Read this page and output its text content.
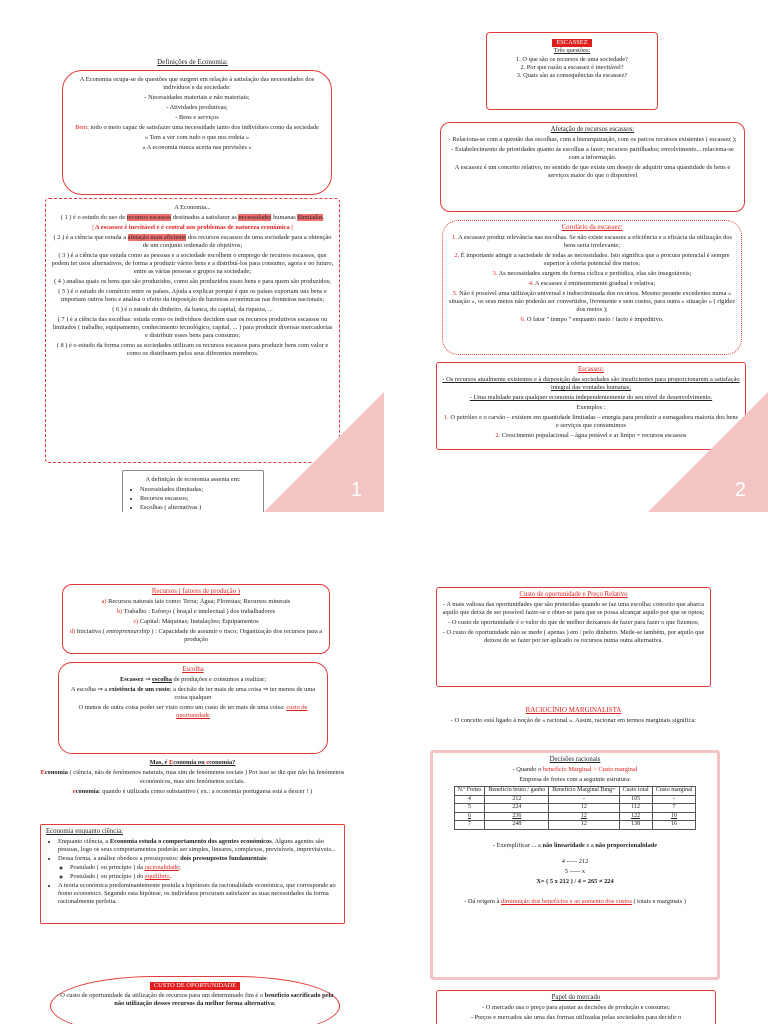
Definições de Economia:

A Economia ocupa-se de questões que surgem em relação à satisfação das necessidades dos indivíduos e da sociedade:

- Necessidades materiais e não materiais;

- Atividades produtivas;

- Bens e serviços

Bem: todo o meio capaz de satisfazer uma necessidade tanto dos indivíduos como da sociedade

« Tem a ver com tudo o que nos rodeia »

« A economia nunca acerta nas previsões »

A Economia...

( 1 ) é o estudo do uso de recursos escassos destinados a satisfazer as necessidades humanas ilimitadas.

| A escassez é inevitável e é central nos problemas de natureza económica |

( 2 ) é a ciência que estuda a afetação mais eficiente dos recursos escassos de uma sociedade para a obtenção de um conjunto ordenado de objetivos;

( 3 ) é a ciência que estuda como as pessoas e a sociedade escolhem o emprego de recursos escassos, que podem ter usos alternativos, de forma a produzir vários bens e a distribuí-los para consumo, agora e no futuro, entre as várias pessoas e grupos na sociedade;

( 4 ) analisa quais os bens que são produzidos, como são produzidos esses bens e para quem são produzidos;

( 5 ) é o estudo do comércio entre os países. Ajuda a explicar porque é que os países exportam uns bens e importam outros bens e analisa o efeito da imposição de barreiras económicas nas fronteiras nacionais;

( 6 ) é o estudo do dinheiro, da banca, do capital, da riqueza, ...

( 7 ) é a ciência das escolhas: estuda como os indivíduos decidem usar os recursos produtivos escassos ou limitados ( trabalho, equipamento, conhecimento tecnológico, capital, ... ) para produzir diversas mercadorias e distribuir esses bens para consumo;

( 8 ) é o estudo da forma como as sociedades utilizam os recursos escassos para produzir bens com valor e como os distribuem pelos seus diferentes membros.

A definição de economia assenta em:

• Necessidades ilimitadas;
• Recursos escassos;
• Escolhas ( alternativas )
1
ESCASSEZ
Três questões:
1. O que são os recursos de uma sociedade?
2. Por que razão a escassez é inevitável?
3. Quais são as consequências da escassez?
Afetação de recursos escassos:

- Relaciona-se com a questão das escolhas, com a hierarquização, com os parcos recursos existentes ( escassez );

- Estabelecimento de prioridades quanto às escolhas a fazer; recursos partilhados; envolvimento... relaciona-se com a informação.

A escassez é um conceito relativo, no sentido de que existe um desejo de adquirir uma quantidade de bens e serviços maior do que o disponível

Corolário da escassez:

1. A escassez produz relevância nas escolhas. Se não existe escassez a eficiência e a eficácia da utilização dos bens seria irrelevante;

2. É importante atingir a saciedade de todas as necessidades. Isto significa que a procura potencial é sempre superior à oferta potencial dos meios;

3. As necessidades surgem de forma cíclica e periódica, elas são insegotáveis;

4. A escassez é eminentemente gradual e relativa;

5. Não é possível uma utilização universal e indiscriminada dos recursos. Mesmo perante excedentes numa « situação », os seus meios não poderão ser convertidos, livremente e sem custos, para outra « situação » ( rigidez dos meios );

6. O fator " tempo " enquanto meio / facto é impeditivo.

Escassez:

- Os recursos atualmente existentes e à disposição das sociedades são insuficientes para proporcionarem a satisfação integral das vontades humanas;

- Uma realidade para qualquer economia independentemente do seu nível de desenvolvimento.

Exemplos :

1. O petróleo e o carvão – existem em quantidade limitadas – energia para produzir a esmagadora maioria dos bens e serviços que consumimos

2. Crescimento populacional – água potável e ar limpo = recursos escassos

2
Recursos ( fatores de produção )

a) Recursos naturais tais como: Terra; Água; Florestas; Recursos minerais

b) Trabalho : Esforço ( braçal e intelectual ) dos trabalhadores

c) Capital: Máquinas; Instalações; Equipamentos

d) Iniciativa ( entrepreneurship ) : Capacidade de assumir o risco; Organização dos recursos para a produção

Escolha

Escassez ⇒ escolha de produções e consumos a realizar;

A escolha ⇒ a existência de um custo; a decisão de ter mais de uma coisa ⇒ ter menos de uma coisa qualquer

O menos de outra coisa poder ser visto como um custo de ter mais de uma coisa: custo de oportunidade

Mas, é Economia ou economia?

Economia ( ciência, não de fenómenos naturais, mas sim de fenómenos sociais ) Por isso se diz que não há fenómenos económicos, mas sim fenómenos sociais.

economia: quando é utilizada como substantivo ( ex.: a economia portuguesa está a descer ! )

Economia enquanto ciência:
• Enquanto ciência, a Economia estuda o comportamento dos agentes económicos. Alguns agentes são pessoas, logo os seus comportamentos poderão ser simples, lineares, complexos, previsíveis, imprevisíveis...
• Dessa forma, a análise obedece a pressupostos: dois pressupostos fundamentais:
◦ Postulado ( ou princípio ) da racionalidade;
◦ Postulado ( ou princípio ) do equilíbrio.
• A teoria económica predominantemente postula a hipóteses da racionalidade económica, que corresponde ao homo economics. Segundo esta hipótese, os indivíduos procuram satisfazer as suas necessidades da forma racionalmente perfeita.
CUSTO DE OPORTUNIDADE

- O custo de oportunidade da utilização de recursos para um determinado fim é o benefício sacrificado pela não utilização desses recursos da melhor forma alternativa;

Custo de oportunidade e Preço Relativo

- A mais valiosa das oportunidades que são preteridas quando se faz uma escolha: conceito que abarca aquilo que deixa de ser possível fazer-se e obter-se para que se possa alcançar aquilo por que se optou;

- O custo de oportunidade é o valor do que de melhor deixamos de fazer para fazer o que fizemos;

- O custo de oportunidade não se mede ( apenas ) em / pelo dinheiro. Mede-se também, por aquilo que deixou de se fazer por ter aplicado os recursos numa outra alternativa.

RACIOCÍNIO MARGINALISTA

- O conceito está ligado à noção de « racional ». Assim, racionar em termos marginais significa:

Decisões racionais

- Quando o benefício Marginal > Custo marginal

Empresa de fretes com a seguinte estrutura:

N.º Fretes	Benefício bruto / ganho	Benefício Marginal Bmg=	Custo total	Custo marginal
4	212	-	105	-
5	224	12	112	7
6	236	12	122	10
7	248	12	138	16

- Exemplificar ... a não linearidade e a não proporcionalidade

4 ----- 212

5 ----- x

X= ( 5 x 212 ) / 4 = 265 ≠ 224

- Dá origem à diminuição dos benefícios e ao aumento dos custos ( totais e marginais )

Papel do mercado

- O mercado usa o preço para ajustar as decisões de produção e consumo;

- Preços e mercados são uma das formas utilizadas pelas sociedades para decidir o
